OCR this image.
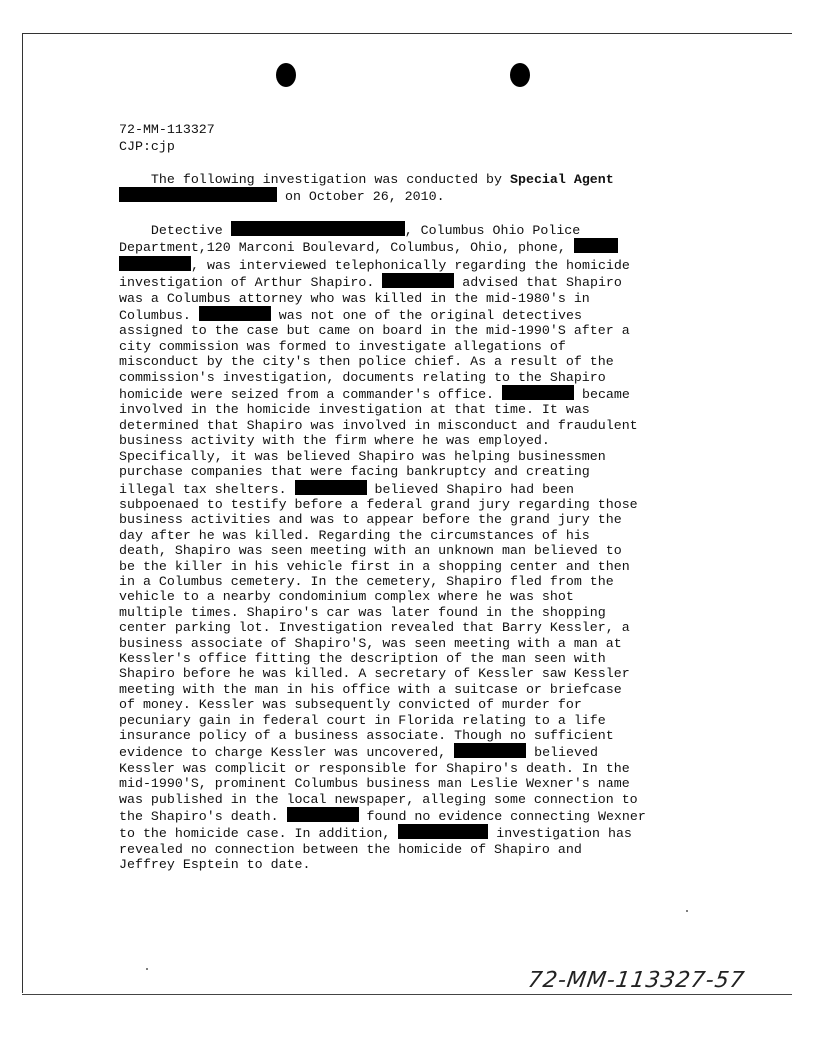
72-MM-113327
CJP:cjp
The following investigation was conducted by Special Agent
on October 26, 2010.
Detective	, Columbus Ohio Police
Department,120 Marconi Boulevard, Columbus, Ohio, phone,
, was interviewed telephonically regarding the homicide
investigation of Arthur Shapiro.	advised that Shapiro
was a Columbus attorney who was killed in the mid-1980's in
Columbus.	was not one of the original detectives
assigned to the case but came on board in the mid-1990'S after a
city commission was formed to investigate allegations of
misconduct by the city's then police chief. As a result of the
commission's investigation, documents relating to the Shapiro
homicide were seized from a commander's office.	became
involved in the homicide investigation at that time. It was
determined that Shapiro was involved in misconduct and fraudulent
business activity with the firm where he was employed.
Specifically, it was believed Shapiro was helping businessmen
purchase companies that were facing bankruptcy and creating
illegal tax shelters.	believed Shapiro had been
subpoenaed to testify before a federal grand jury regarding those
business activities and was to appear before the grand jury the
day after he was killed. Regarding the circumstances of his
death, Shapiro was seen meeting with an unknown man believed to
be the killer in his vehicle first in a shopping center and then
in a Columbus cemetery. In the cemetery, Shapiro fled from the
vehicle to a nearby condominium complex where he was shot
multiple times. Shapiro's car was later found in the shopping
center parking lot. Investigation revealed that Barry Kessler, a
business associate of Shapiro'S, was seen meeting with a man at
Kessler's office fitting the description of the man seen with
Shapiro before he was killed. A secretary of Kessler saw Kessler
meeting with the man in his office with a suitcase or briefcase
of money. Kessler was subsequently convicted of murder for
pecuniary gain in federal court in Florida relating to a life
insurance policy of a business associate. Though no sufficient
evidence to charge Kessler was uncovered,	believed
Kessler was complicit or responsible for Shapiro's death. In the
mid-1990'S, prominent Columbus business man Leslie Wexner's name
was published in the local newspaper, alleging some connection to
the Shapiro's death.	found no evidence connecting Wexner
to the homicide case. In addition,	investigation has
revealed no connection between the homicide of Shapiro and
Jeffrey Esptein to date.
72-MM-113327-57
